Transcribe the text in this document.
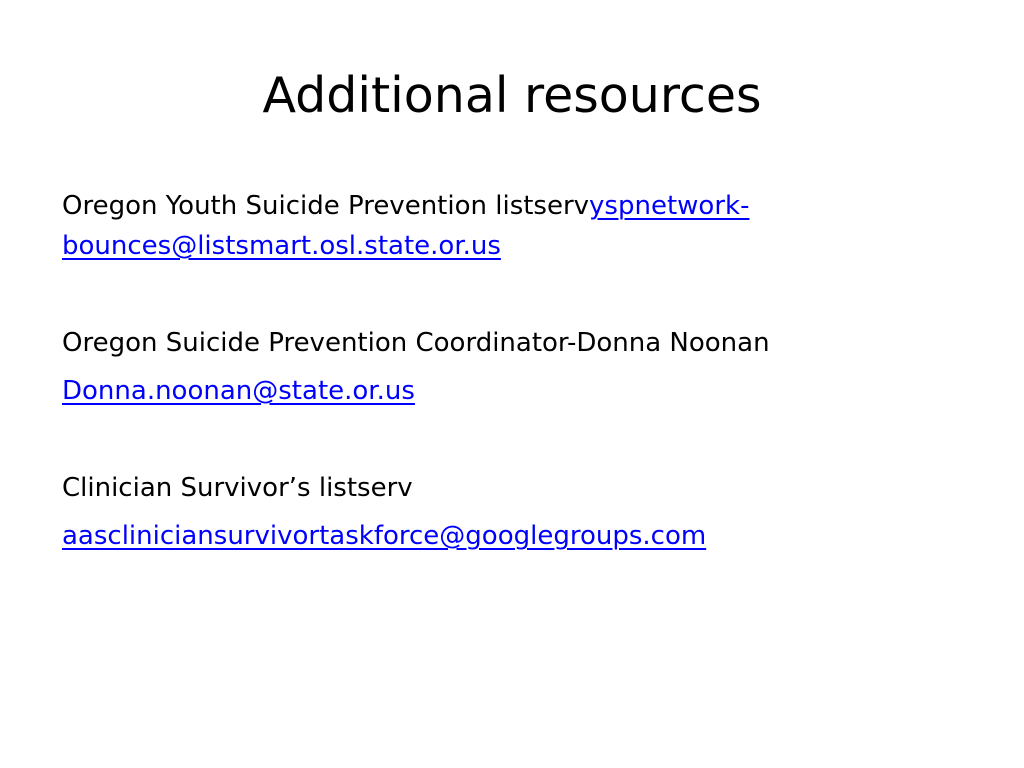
Additional resources

Oregon Youth Suicide Prevention listservyspnetwork-bounces@listsmart.osl.state.or.us

Oregon Suicide Prevention Coordinator-Donna Noonan

Donna.noonan@state.or.us

Clinician Survivor’s listserv

aascliniciansurvivortaskforce@googlegroups.com
